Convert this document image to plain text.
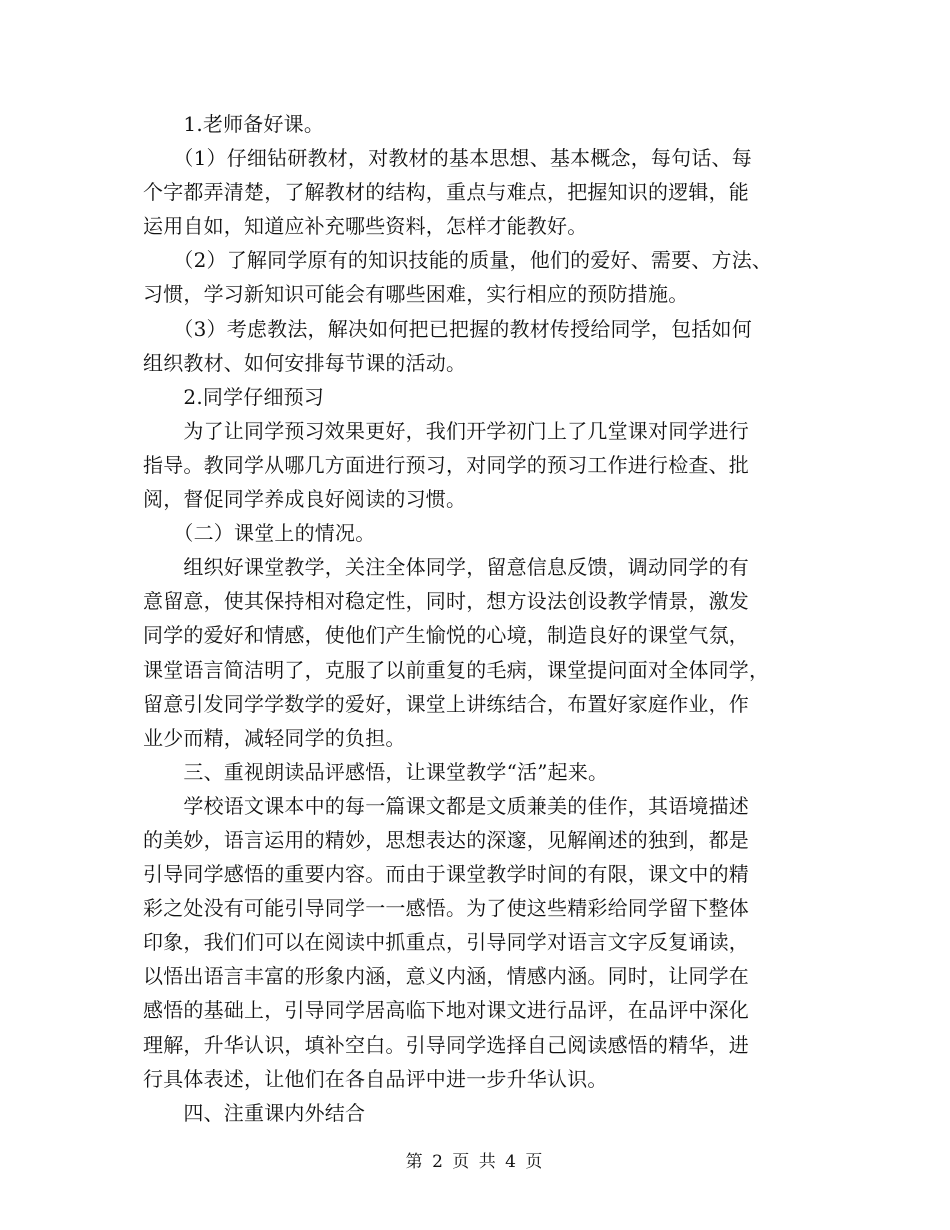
　　1.老师备好课。
　　（1）仔细钻研教材，对教材的基本思想、基本概念，每句话、每
个字都弄清楚，了解教材的结构，重点与难点，把握知识的逻辑，能
运用自如，知道应补充哪些资料，怎样才能教好。
　　（2）了解同学原有的知识技能的质量，他们的爱好、需要、方法、
习惯，学习新知识可能会有哪些困难，实行相应的预防措施。
　　（3）考虑教法，解决如何把已把握的教材传授给同学，包括如何
组织教材、如何安排每节课的活动。
　　2.同学仔细预习
　　为了让同学预习效果更好，我们开学初门上了几堂课对同学进行
指导。教同学从哪几方面进行预习，对同学的预习工作进行检查、批
阅，督促同学养成良好阅读的习惯。
　　（二）课堂上的情况。
　　组织好课堂教学，关注全体同学，留意信息反馈，调动同学的有
意留意，使其保持相对稳定性，同时，想方设法创设教学情景，激发
同学的爱好和情感，使他们产生愉悦的心境，制造良好的课堂气氛，
课堂语言简洁明了，克服了以前重复的毛病，课堂提问面对全体同学，
留意引发同学学数学的爱好，课堂上讲练结合，布置好家庭作业，作
业少而精，减轻同学的负担。
　　三、重视朗读品评感悟，让课堂教学“活”起来。
　　学校语文课本中的每一篇课文都是文质兼美的佳作，其语境描述
的美妙，语言运用的精妙，思想表达的深邃，见解阐述的独到，都是
引导同学感悟的重要内容。而由于课堂教学时间的有限，课文中的精
彩之处没有可能引导同学一一感悟。为了使这些精彩给同学留下整体
印象，我们们可以在阅读中抓重点，引导同学对语言文字反复诵读，
以悟出语言丰富的形象内涵，意义内涵，情感内涵。同时，让同学在
感悟的基础上，引导同学居高临下地对课文进行品评，在品评中深化
理解，升华认识，填补空白。引导同学选择自己阅读感悟的精华，进
行具体表述，让他们在各自品评中进一步升华认识。
　　四、注重课内外结合
第 2 页 共 4 页
